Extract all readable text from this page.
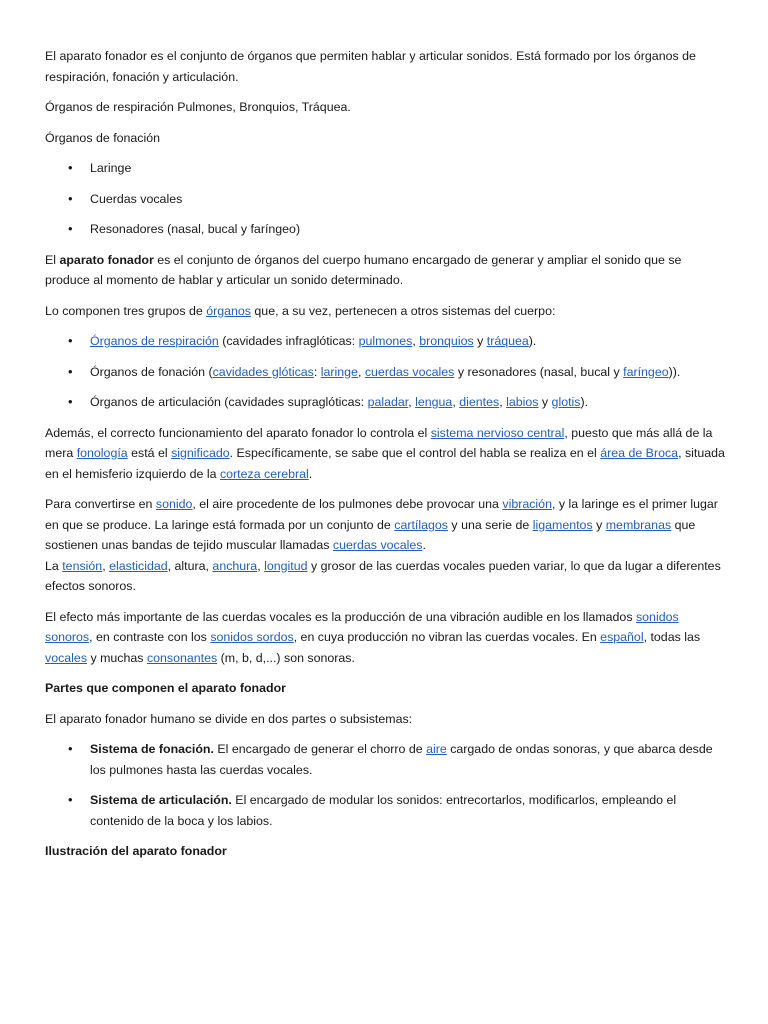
El aparato fonador es el conjunto de órganos que permiten hablar y articular sonidos. Está formado por los órganos de respiración, fonación y articulación.

Órganos de respiración Pulmones, Bronquios, Tráquea.

Órganos de fonación

• Laringe
• Cuerdas vocales
• Resonadores (nasal, bucal y faríngeo)

El aparato fonador es el conjunto de órganos del cuerpo humano encargado de generar y ampliar el sonido que se produce al momento de hablar y articular un sonido determinado.

Lo componen tres grupos de órganos que, a su vez, pertenecen a otros sistemas del cuerpo:

• Órganos de respiración (cavidades infraglóticas: pulmones, bronquios y tráquea).
• Órganos de fonación (cavidades glóticas: laringe, cuerdas vocales y resonadores (nasal, bucal y faríngeo)).
• Órganos de articulación (cavidades supraglóticas: paladar, lengua, dientes, labios y glotis).

Además, el correcto funcionamiento del aparato fonador lo controla el sistema nervioso central, puesto que más allá de la mera fonología está el significado. Específicamente, se sabe que el control del habla se realiza en el área de Broca, situada en el hemisferio izquierdo de la corteza cerebral.

Para convertirse en sonido, el aire procedente de los pulmones debe provocar una vibración, y la laringe es el primer lugar en que se produce. La laringe está formada por un conjunto de cartílagos y una serie de ligamentos y membranas que sostienen unas bandas de tejido muscular llamadas cuerdas vocales.
La tensión, elasticidad, altura, anchura, longitud y grosor de las cuerdas vocales pueden variar, lo que da lugar a diferentes efectos sonoros.

El efecto más importante de las cuerdas vocales es la producción de una vibración audible en los llamados sonidos sonoros, en contraste con los sonidos sordos, en cuya producción no vibran las cuerdas vocales. En español, todas las vocales y muchas consonantes (m, b, d,...) son sonoras.

Partes que componen el aparato fonador

El aparato fonador humano se divide en dos partes o subsistemas:

• Sistema de fonación. El encargado de generar el chorro de aire cargado de ondas sonoras, y que abarca desde los pulmones hasta las cuerdas vocales.
• Sistema de articulación. El encargado de modular los sonidos: entrecortarlos, modificarlos, empleando el contenido de la boca y los labios.

Ilustración del aparato fonador
